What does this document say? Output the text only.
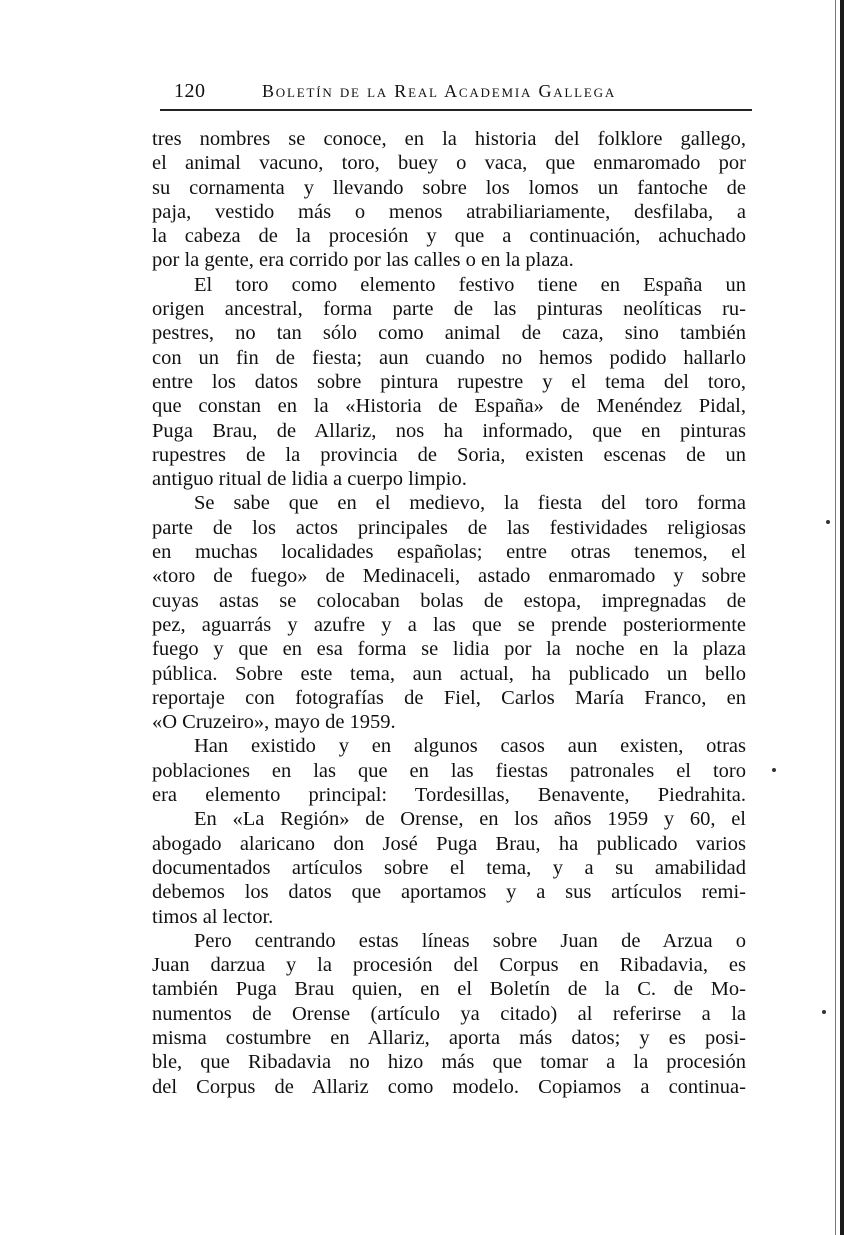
120	Boletín de la Real Academia Gallega
tres nombres se conoce, en la historia del folklore gallego,
el animal vacuno, toro, buey o vaca, que enmaromado por
su cornamenta y llevando sobre los lomos un fantoche de
paja, vestido más o menos atrabiliariamente, desfilaba, a
la cabeza de la procesión y que a continuación, achuchado
por la gente, era corrido por las calles o en la plaza.
El toro como elemento festivo tiene en España un
origen ancestral, forma parte de las pinturas neolíticas ru-
pestres, no tan sólo como animal de caza, sino también
con un fin de fiesta; aun cuando no hemos podido hallarlo
entre los datos sobre pintura rupestre y el tema del toro,
que constan en la «Historia de España» de Menéndez Pidal,
Puga Brau, de Allariz, nos ha informado, que en pinturas
rupestres de la provincia de Soria, existen escenas de un
antiguo ritual de lidia a cuerpo limpio.
Se sabe que en el medievo, la fiesta del toro forma
parte de los actos principales de las festividades religiosas
en muchas localidades españolas; entre otras tenemos, el
«toro de fuego» de Medinaceli, astado enmaromado y sobre
cuyas astas se colocaban bolas de estopa, impregnadas de
pez, aguarrás y azufre y a las que se prende posteriormente
fuego y que en esa forma se lidia por la noche en la plaza
pública. Sobre este tema, aun actual, ha publicado un bello
reportaje con fotografías de Fiel, Carlos María Franco, en
«O Cruzeiro», mayo de 1959.
Han existido y en algunos casos aun existen, otras
poblaciones en las que en las fiestas patronales el toro
era elemento principal: Tordesillas, Benavente, Piedrahita.
En «La Región» de Orense, en los años 1959 y 60, el
abogado alaricano don José Puga Brau, ha publicado varios
documentados artículos sobre el tema, y a su amabilidad
debemos los datos que aportamos y a sus artículos remi-
timos al lector.
Pero centrando estas líneas sobre Juan de Arzua o
Juan darzua y la procesión del Corpus en Ribadavia, es
también Puga Brau quien, en el Boletín de la C. de Mo-
numentos de Orense (artículo ya citado) al referirse a la
misma costumbre en Allariz, aporta más datos; y es posi-
ble, que Ribadavia no hizo más que tomar a la procesión
del Corpus de Allariz como modelo. Copiamos a continua-
